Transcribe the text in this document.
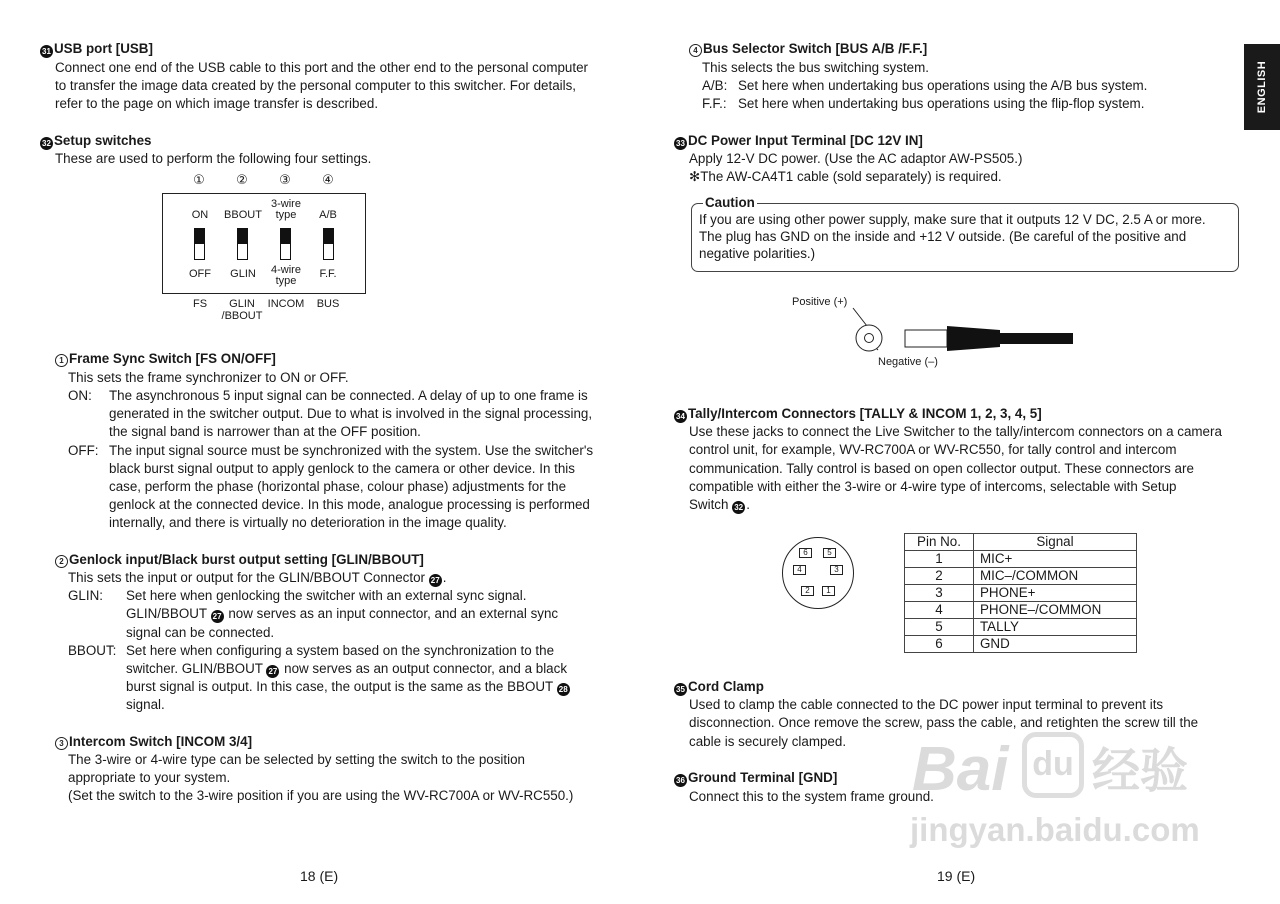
31 USB port [USB]
Connect one end of the USB cable to this port and the other end to the personal computer
to transfer the image data created by the personal computer to this switcher. For details,
refer to the page on which image transfer is described.
32 Setup switches
These are used to perform the following four settings.
①	②	③	④
ON	BBOUT
3-wire
type	A/B
OFF	GLIN	4-wire
type
F.F.
FS	GLIN
/BBOUT
INCOM	BUS
1 Frame Sync Switch [FS ON/OFF]
This sets the frame synchronizer to ON or OFF.
ON: The asynchronous 5 input signal can be connected. A delay of up to one frame is
generated in the switcher output. Due to what is involved in the signal processing,
the signal band is narrower than at the OFF position.
OFF: The input signal source must be synchronized with the system. Use the switcher's
black burst signal output to apply genlock to the camera or other device. In this
case, perform the phase (horizontal phase, colour phase) adjustments for the
genlock at the connected device. In this mode, analogue processing is performed
internally, and there is virtually no deterioration in the image quality.
2 Genlock input/Black burst output setting [GLIN/BBOUT]
This sets the input or output for the GLIN/BBOUT Connector 27 .
GLIN: Set here when genlocking the switcher with an external sync signal.
GLIN/BBOUT 27 now serves as an input connector, and an external sync
signal can be connected.
BBOUT: Set here when configuring a system based on the synchronization to the
switcher. GLIN/BBOUT 27 now serves as an output connector, and a black
burst signal is output. In this case, the output is the same as the BBOUT 28
signal.
3 Intercom Switch [INCOM 3/4]
The 3-wire or 4-wire type can be selected by setting the switch to the position
appropriate to your system.
(Set the switch to the 3-wire position if you are using the WV-RC700A or WV-RC550.)
18 (E)
ENGLISH
4 Bus Selector Switch [BUS A/B /F.F.]
This selects the bus switching system.
A/B: Set here when undertaking bus operations using the A/B bus system.
F.F.: Set here when undertaking bus operations using the flip-flop system.
33 DC Power Input Terminal [DC 12V IN]
Apply 12-V DC power. (Use the AC adaptor AW-PS505.)
✻The AW-CA4T1 cable (sold separately) is required.
Caution
If you are using other power supply, make sure that it outputs 12 V DC, 2.5 A or more.
The plug has GND on the inside and +12 V outside. (Be careful of the positive and
negative polarities.)
Positive (+)
Negative (–)
34 Tally/Intercom Connectors [TALLY & INCOM 1, 2, 3, 4, 5]
Use these jacks to connect the Live Switcher to the tally/intercom connectors on a camera
control unit, for example, WV-RC700A or WV-RC550, for tally control and intercom
communication. Tally control is based on open collector output. These connectors are
compatible with either the 3-wire or 4-wire type of intercoms, selectable with Setup
Switch 32 .
6	5
4	3
2	1
Pin No.	Signal
1	MIC+
2	MIC–/COMMON
3	PHONE+
4	PHONE–/COMMON
5	TALLY
6	GND
35 Cord Clamp
Used to clamp the cable connected to the DC power input terminal to prevent its
disconnection. Once remove the screw, pass the cable, and retighten the screw till the
cable is securely clamped.
36 Ground Terminal [GND]
Connect this to the system frame ground.
19 (E)
Bai du 经验
jingyan.baidu.com
